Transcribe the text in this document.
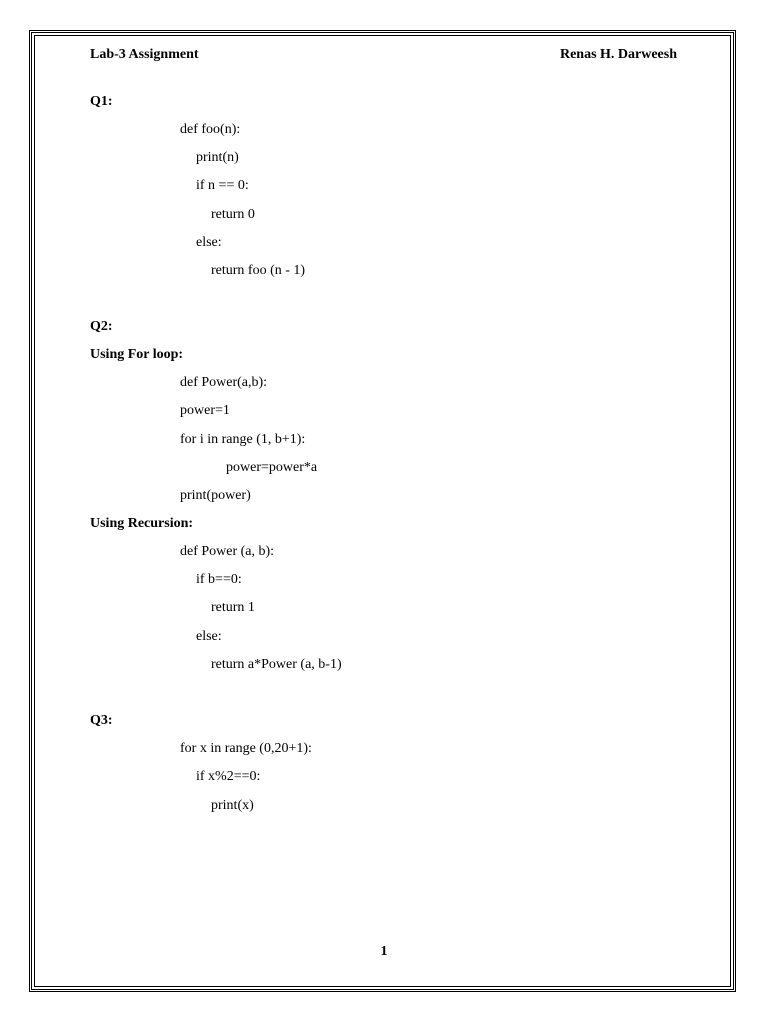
Lab-3 Assignment	Renas H. Darweesh
Q1:
def foo(n):
print(n)
if n == 0:
return 0
else:
return foo (n - 1)
Q2:
Using For loop:
def Power(a,b):
power=1
for i in range (1, b+1):
power=power*a
print(power)
Using Recursion:
def Power (a, b):
if b==0:
return 1
else:
return a*Power (a, b-1)
Q3:
for x in range (0,20+1):
if x%2==0:
print(x)
1
